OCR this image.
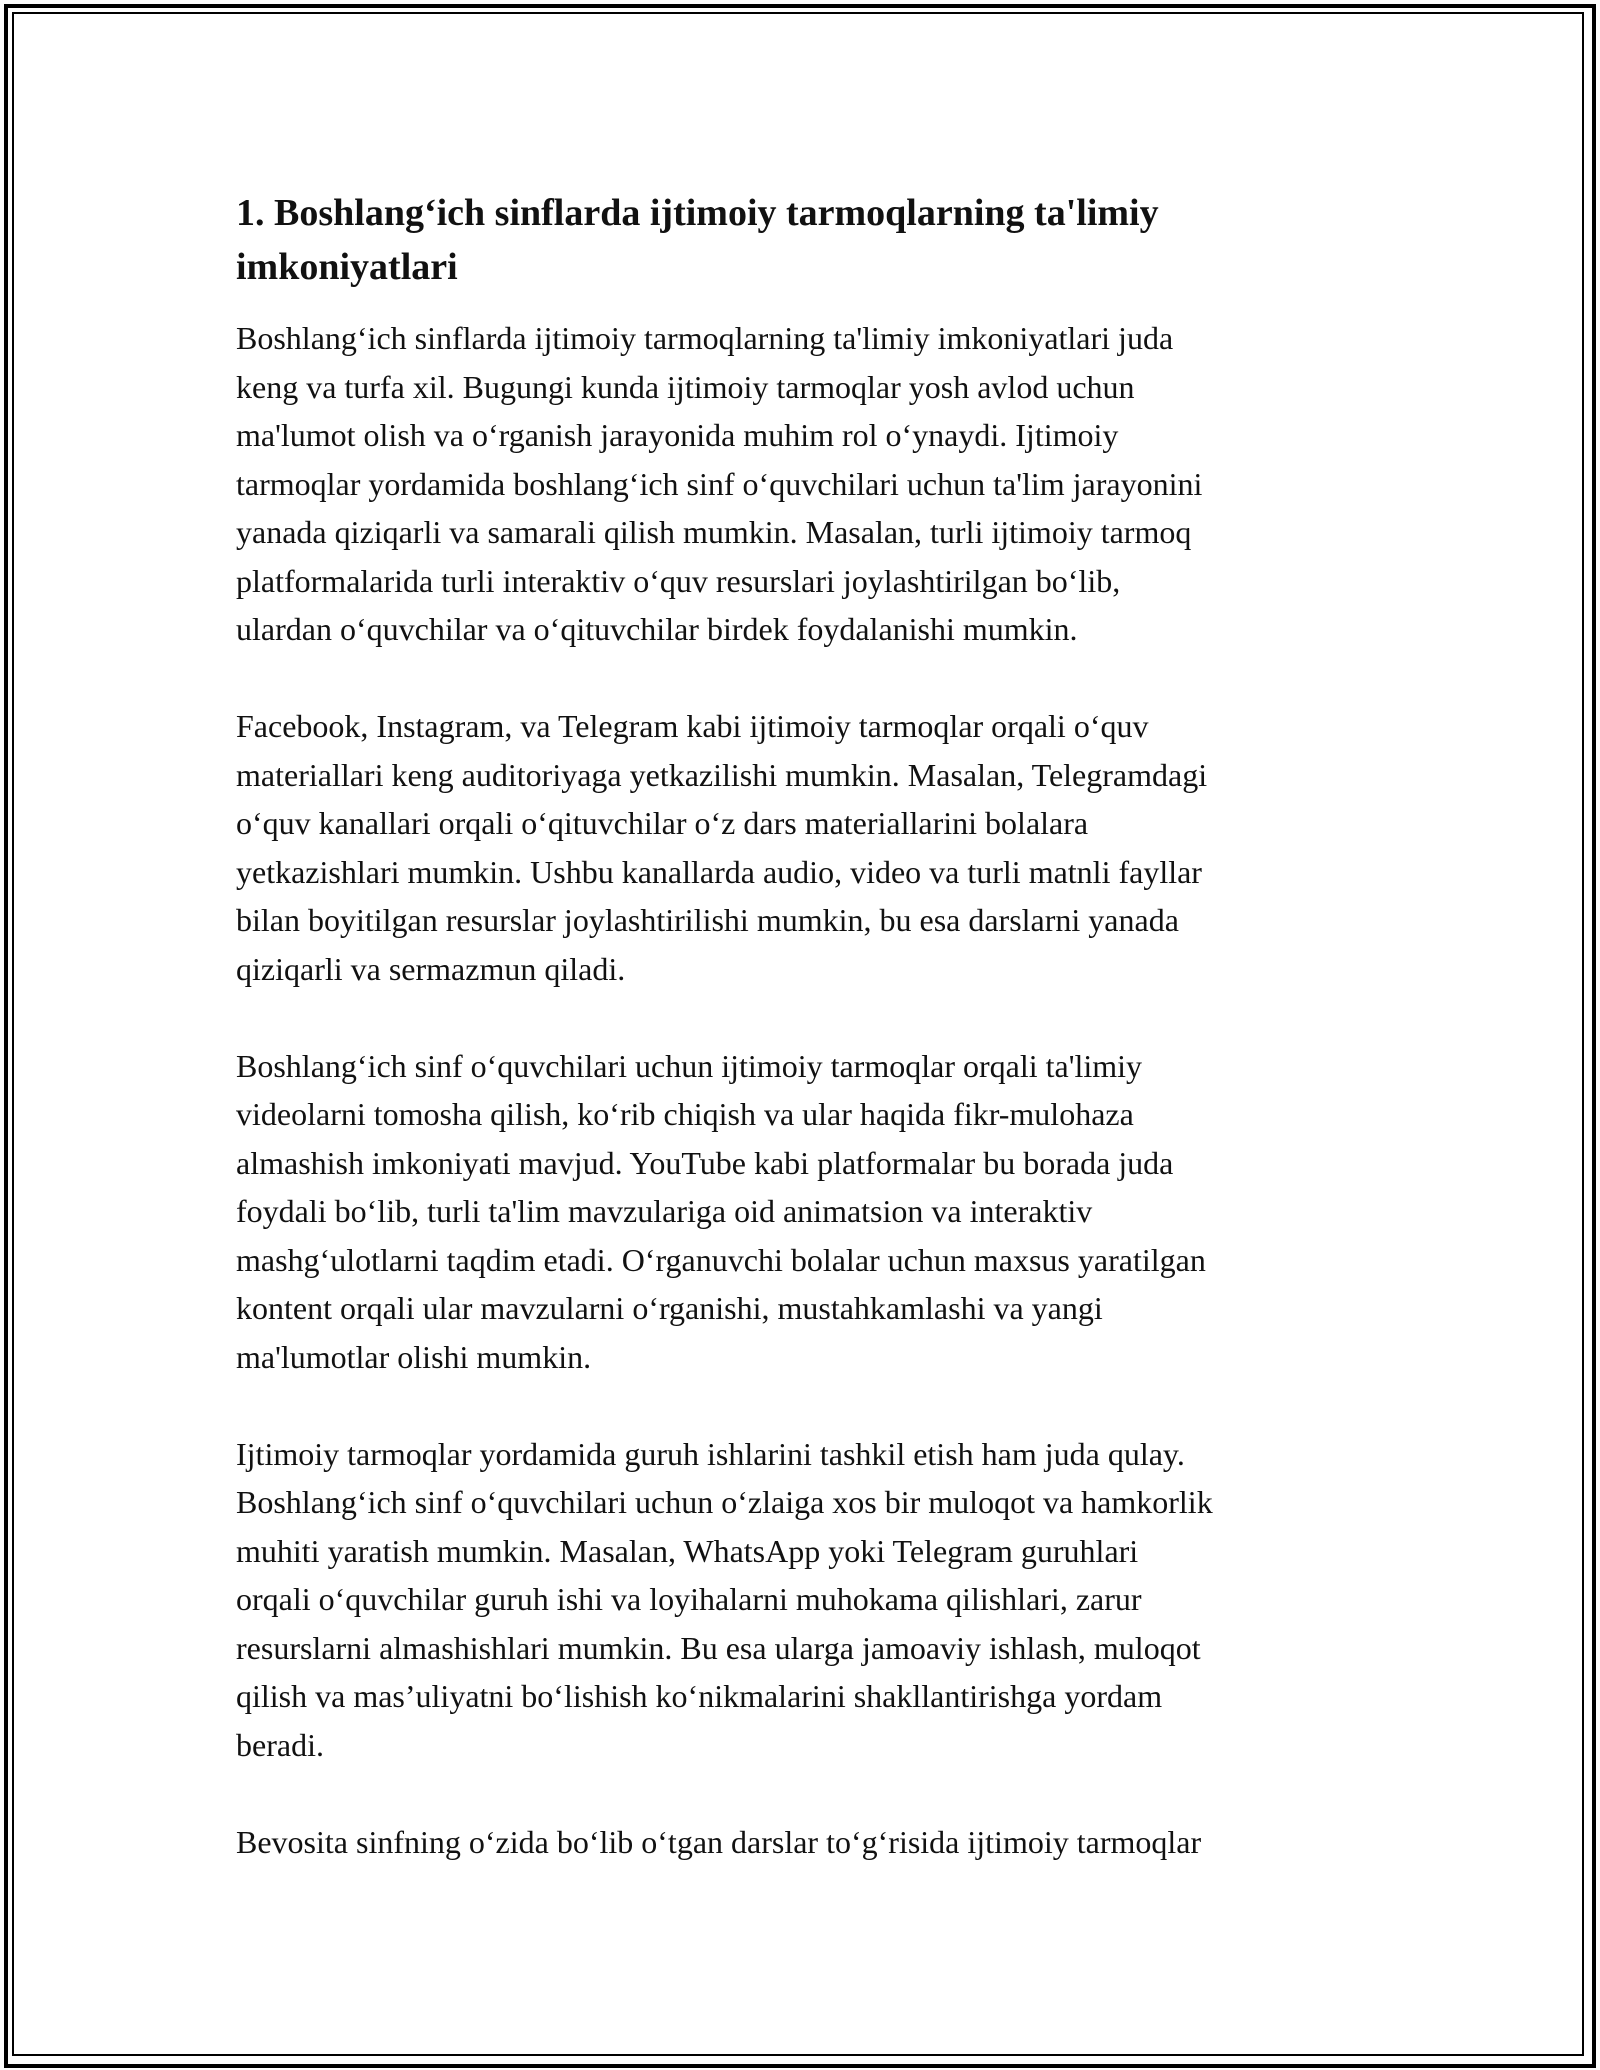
1. Boshlang‘ich sinflarda ijtimoiy tarmoqlarning ta'limiy
imkoniyatlari

Boshlang‘ich sinflarda ijtimoiy tarmoqlarning ta'limiy imkoniyatlari juda
keng va turfa xil. Bugungi kunda ijtimoiy tarmoqlar yosh avlod uchun
ma'lumot olish va o‘rganish jarayonida muhim rol o‘ynaydi. Ijtimoiy
tarmoqlar yordamida boshlang‘ich sinf o‘quvchilari uchun ta'lim jarayonini
yanada qiziqarli va samarali qilish mumkin. Masalan, turli ijtimoiy tarmoq
platformalarida turli interaktiv o‘quv resurslari joylashtirilgan bo‘lib,
ulardan o‘quvchilar va o‘qituvchilar birdek foydalanishi mumkin.

Facebook, Instagram, va Telegram kabi ijtimoiy tarmoqlar orqali o‘quv
materiallari keng auditoriyaga yetkazilishi mumkin. Masalan, Telegramdagi
o‘quv kanallari orqali o‘qituvchilar o‘z dars materiallarini bolalara
yetkazishlari mumkin. Ushbu kanallarda audio, video va turli matnli fayllar
bilan boyitilgan resurslar joylashtirilishi mumkin, bu esa darslarni yanada
qiziqarli va sermazmun qiladi.

Boshlang‘ich sinf o‘quvchilari uchun ijtimoiy tarmoqlar orqali ta'limiy
videolarni tomosha qilish, ko‘rib chiqish va ular haqida fikr-mulohaza
almashish imkoniyati mavjud. YouTube kabi platformalar bu borada juda
foydali bo‘lib, turli ta'lim mavzulariga oid animatsion va interaktiv
mashg‘ulotlarni taqdim etadi. O‘rganuvchi bolalar uchun maxsus yaratilgan
kontent orqali ular mavzularni o‘rganishi, mustahkamlashi va yangi
ma'lumotlar olishi mumkin.

Ijtimoiy tarmoqlar yordamida guruh ishlarini tashkil etish ham juda qulay.
Boshlang‘ich sinf o‘quvchilari uchun o‘zlaiga xos bir muloqot va hamkorlik
muhiti yaratish mumkin. Masalan, WhatsApp yoki Telegram guruhlari
orqali o‘quvchilar guruh ishi va loyihalarni muhokama qilishlari, zarur
resurslarni almashishlari mumkin. Bu esa ularga jamoaviy ishlash, muloqot
qilish va mas’uliyatni bo‘lishish ko‘nikmalarini shakllantirishga yordam
beradi.

Bevosita sinfning o‘zida bo‘lib o‘tgan darslar to‘g‘risida ijtimoiy tarmoqlar
